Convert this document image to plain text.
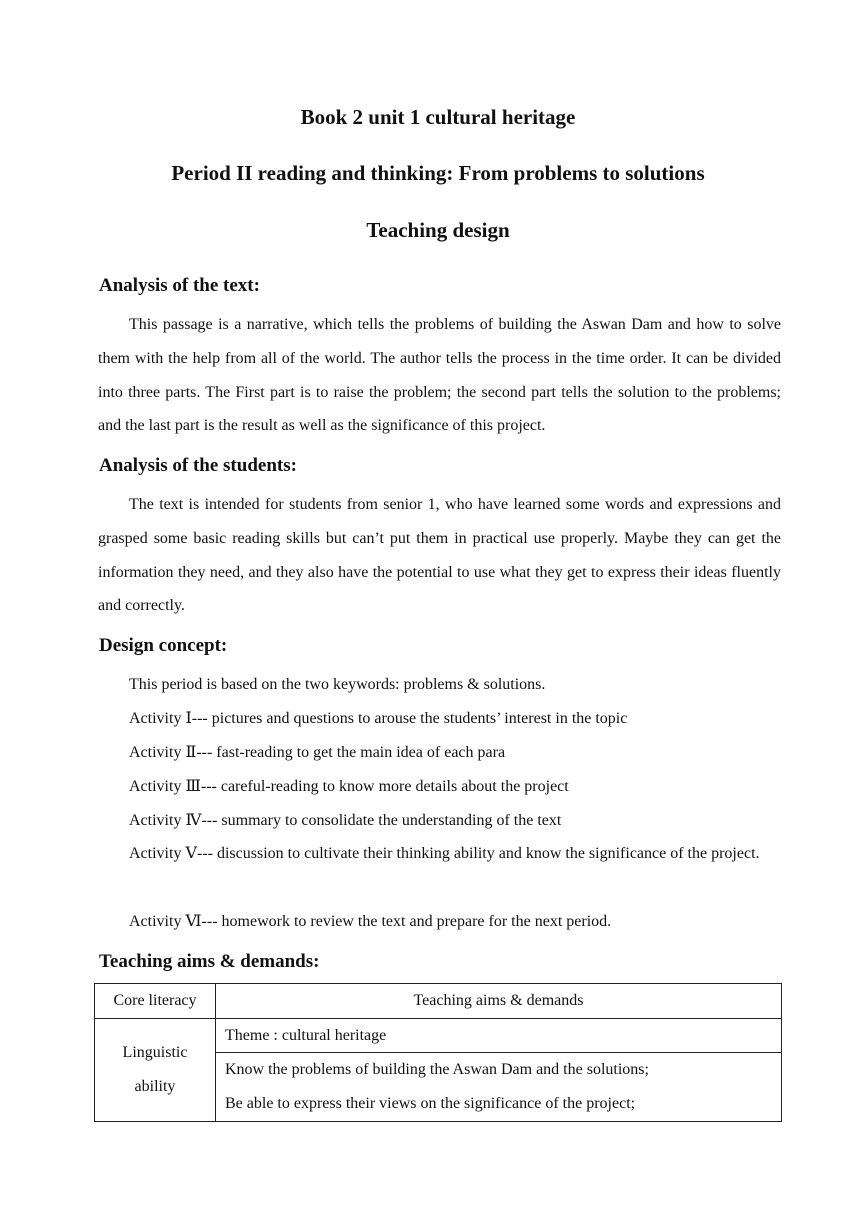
Book 2 unit 1 cultural heritage
Period II reading and thinking: From problems to solutions
Teaching design
Analysis of the text:

This passage is a narrative, which tells the problems of building the Aswan Dam and how to solve them with the help from all of the world. The author tells the process in the time order. It can be divided into three parts. The First part is to raise the problem; the second part tells the solution to the problems; and the last part is the result as well as the significance of this project.

Analysis of the students:

The text is intended for students from senior 1, who have learned some words and expressions and grasped some basic reading skills but can’t put them in practical use properly. Maybe they can get the information they need, and they also have the potential to use what they get to express their ideas fluently and correctly.

Design concept:

This period is based on the two keywords: problems & solutions.

Activity Ⅰ--- pictures and questions to arouse the students’ interest in the topic

Activity Ⅱ--- fast-reading to get the main idea of each para

Activity Ⅲ--- careful-reading to know more details about the project

Activity Ⅳ--- summary to consolidate the understanding of the text

Activity Ⅴ--- discussion to cultivate their thinking ability and know the significance of the project.

Activity Ⅵ--- homework to review the text and prepare for the next period.

Teaching aims & demands:
Core literacy	Teaching aims & demands

Linguistic
ability	Theme : cultural heritage

	Know the problems of building the Aswan Dam and the solutions;
Be able to express their views on the significance of the project;
